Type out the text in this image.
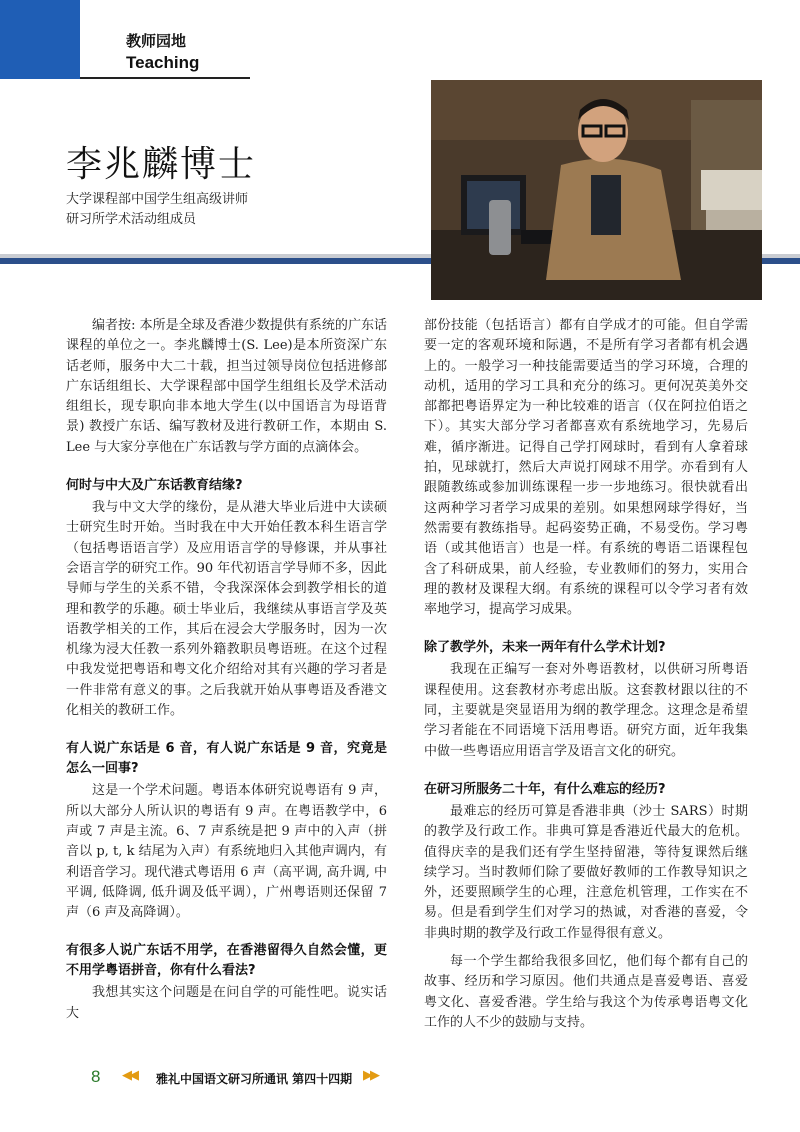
教师园地
Teaching
李兆麟博士
大学课程部中国学生组高级讲师
研习所学术活动组成员

编者按: 本所是全球及香港少数提供有系统的广东话课程的单位之一。李兆麟博士(S. Lee)是本所资深广东话老师，服务中大二十载，担当过领导岗位包括进修部广东话组组长、大学课程部中国学生组组长及学术活动组组长，现专职向非本地大学生(以中国语言为母语背景) 教授广东话、编写教材及进行教研工作，本期由 S. Lee 与大家分享他在广东话教与学方面的点滴体会。

何时与中大及广东话教育结缘?

我与中文大学的缘份，是从港大毕业后进中大读硕士研究生时开始。当时我在中大开始任教本科生语言学（包括粤语语言学）及应用语言学的导修课，并从事社会语言学的研究工作。90 年代初语言学导师不多，因此导师与学生的关系不错，令我深深体会到教学相长的道理和教学的乐趣。硕士毕业后，我继续从事语言学及英语教学相关的工作，其后在浸会大学服务时，因为一次机缘为浸大任教一系列外籍教职员粤语班。在这个过程中我发觉把粤语和粤文化介绍给对其有兴趣的学习者是一件非常有意义的事。之后我就开始从事粤语及香港文化相关的教研工作。

有人说广东话是 6 音，有人说广东话是 9 音，究竟是怎么一回事?

这是一个学术问题。粤语本体研究说粤语有 9 声，所以大部分人所认识的粤语有 9 声。在粤语教学中，6 声或 7 声是主流。6、7 声系统是把 9 声中的入声（拼音以 p, t, k 结尾为入声）有系统地归入其他声调内，有利语音学习。现代港式粤语用 6 声（高平调, 高升调, 中平调, 低降调, 低升调及低平调），广州粤语则还保留 7 声（6 声及高降调）。

有很多人说广东话不用学，在香港留得久自然会懂，更不用学粤语拼音，你有什么看法?

我想其实这个问题是在问自学的可能性吧。说实话大

部份技能（包括语言）都有自学成才的可能。但自学需要一定的客观环境和际遇，不是所有学习者都有机会遇上的。一般学习一种技能需要适当的学习环境，合理的动机，适用的学习工具和充分的练习。更何况英美外交部都把粤语界定为一种比较难的语言（仅在阿拉伯语之下）。其实大部分学习者都喜欢有系统地学习，先易后难，循序渐进。记得自己学打网球时，看到有人拿着球拍，见球就打，然后大声说打网球不用学。亦看到有人跟随教练或参加训练课程一步一步地练习。很快就看出这两种学习者学习成果的差别。如果想网球学得好，当然需要有教练指导。起码姿势正确，不易受伤。学习粤语（或其他语言）也是一样。有系统的粤语二语课程包含了科研成果，前人经验，专业教师们的努力，实用合理的教材及课程大纲。有系统的课程可以令学习者有效率地学习，提高学习成果。

除了教学外，未来一两年有什么学术计划?

我现在正编写一套对外粤语教材，以供研习所粤语课程使用。这套教材亦考虑出版。这套教材跟以往的不同，主要就是突显语用为纲的教学理念。这理念是希望学习者能在不同语境下活用粤语。研究方面，近年我集中做一些粤语应用语言学及语言文化的研究。

在研习所服务二十年，有什么难忘的经历?

最难忘的经历可算是香港非典（沙士 SARS）时期的教学及行政工作。非典可算是香港近代最大的危机。值得庆幸的是我们还有学生坚持留港，等待复课然后继续学习。当时教师们除了要做好教师的工作教导知识之外，还要照顾学生的心理，注意危机管理，工作实在不易。但是看到学生们对学习的热诚，对香港的喜爱，令非典时期的教学及行政工作显得很有意义。

每一个学生都给我很多回忆，他们每个都有自己的故事、经历和学习原因。他们共通点是喜爱粤语、喜爱粤文化、喜爱香港。学生给与我这个为传承粤语粤文化工作的人不少的鼓励与支持。

8 ◀◀ 雅礼中国语文研习所通讯 第四十四期 ▶▶
